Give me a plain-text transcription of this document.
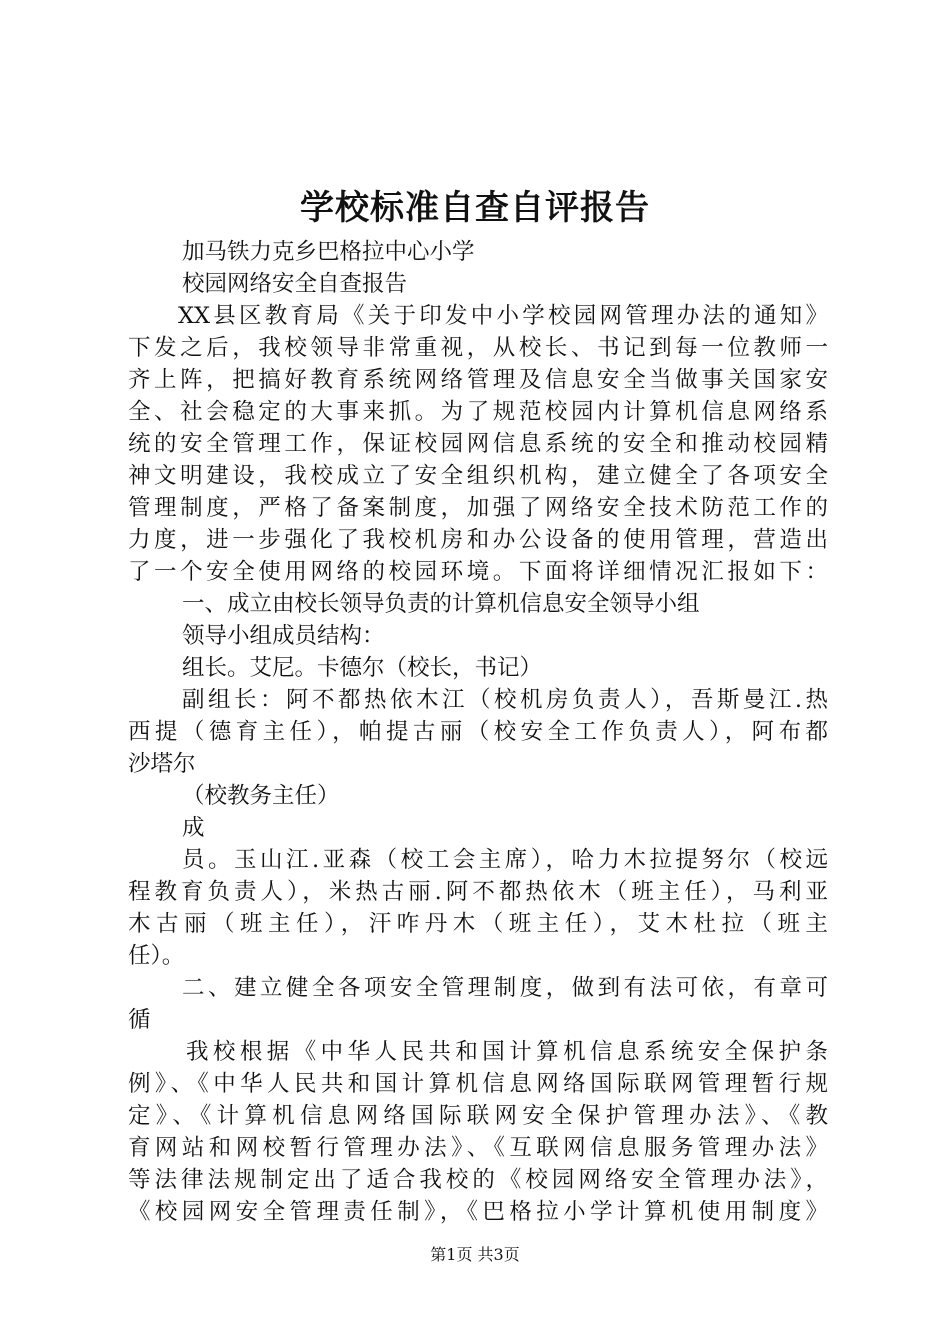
学校标准自查自评报告
加马铁力克乡巴格拉中心小学
校园网络安全自查报告
XX县区教育局《关于印发中小学校园网管理办法的通知》
下发之后，我校领导非常重视，从校长、书记到每一位教师一
齐上阵，把搞好教育系统网络管理及信息安全当做事关国家安
全、社会稳定的大事来抓。为了规范校园内计算机信息网络系
统的安全管理工作，保证校园网信息系统的安全和推动校园精
神文明建设，我校成立了安全组织机构，建立健全了各项安全
管理制度，严格了备案制度，加强了网络安全技术防范工作的
力度，进一步强化了我校机房和办公设备的使用管理，营造出
了一个安全使用网络的校园环境。下面将详细情况汇报如下：
一、成立由校长领导负责的计算机信息安全领导小组
领导小组成员结构：
组长。艾尼。卡德尔（校长，书记）
副组长：阿不都热依木江（校机房负责人），吾斯曼江.热
西提（德育主任），帕提古丽（校安全工作负责人），阿布都
沙塔尔
（校教务主任）
成
员。玉山江.亚森（校工会主席），哈力木拉提努尔（校远
程教育负责人），米热古丽.阿不都热依木（班主任），马利亚
木古丽（班主任），汗咋丹木（班主任），艾木杜拉（班主
任）。
二、建立健全各项安全管理制度，做到有法可依，有章可
循
我校根据《中华人民共和国计算机信息系统安全保护条
例》、《中华人民共和国计算机信息网络国际联网管理暂行规
定》、《计算机信息网络国际联网安全保护管理办法》、《教
育网站和网校暂行管理办法》、《互联网信息服务管理办法》
等法律法规制定出了适合我校的《校园网络安全管理办法》，
《校园网安全管理责任制》，《巴格拉小学计算机使用制度》
第1页 共3页
